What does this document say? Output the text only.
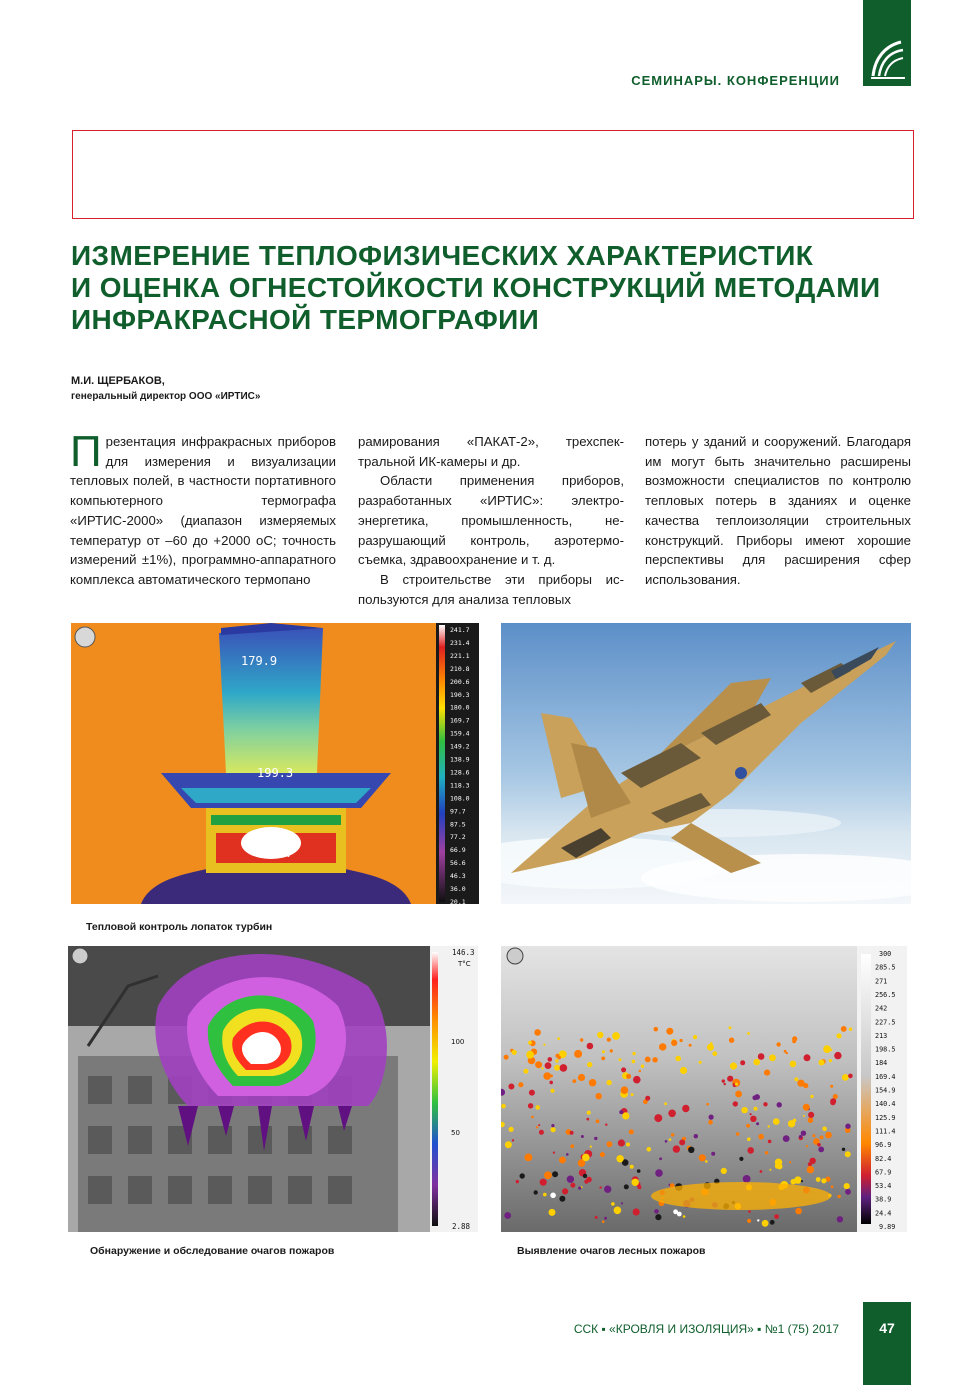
СЕМИНАРЫ. КОНФЕРЕНЦИИ
ИЗМЕРЕНИЕ ТЕПЛОФИЗИЧЕСКИХ ХАРАКТЕРИСТИК
И ОЦЕНКА ОГНЕСТОЙКОСТИ КОНСТРУКЦИЙ МЕТОДАМИ
ИНФРАКРАСНОЙ ТЕРМОГРАФИИ
М.И. ЩЕРБАКОВ,
генеральный директор ООО «ИРТИС»

Презентация инфракрасных приборов для измерения и визуализации тепловых полей, в частности портативного компьютерного термографа «ИРТИС-2000» (диапазон измеряемых температур от –60 до +2000 оС; точность измерений ±1%), программно-аппаратного комплекса автоматического термопано

рамирования «ПАКАТ-2», трехспектральной ИК-камеры и др.

Области применения приборов, разработанных «ИРТИС»: электроэнергетика, промышленность, неразрушающий контроль, аэротермосъемка, здравоохранение и т. д.

В строительстве эти приборы используются для анализа тепловых

потерь у зданий и сооружений. Благодаря им могут быть значительно расширены возможности специалистов по контролю тепловых потерь в зданиях и оценке качества теплоизоляции строительных конструкций. Приборы имеют хорошие перспективы для расширения сфер использования.

179.9
199.3
226.7
241.7
231.4
221.1
210.8
200.6
190.3
180.0
169.7
159.4
149.2
138.9
128.6
118.3
108.0
97.7
87.5
77.2
66.9
56.6
46.3
36.0
20.1
Тепловой контроль лопаток турбин
146.3
T°C
100
50
2.88
300
285.5
271
256.5
242
227.5
213
198.5
184
169.4
154.9
140.4
125.9
111.4
96.9
82.4
67.9
53.4
38.9
24.4
9.89
Обнаружение и обследование очагов пожаров	Выявление очагов лесных пожаров
ССК ▪ «КРОВЛЯ И ИЗОЛЯЦИЯ» ▪ №1 (75) 2017	47
